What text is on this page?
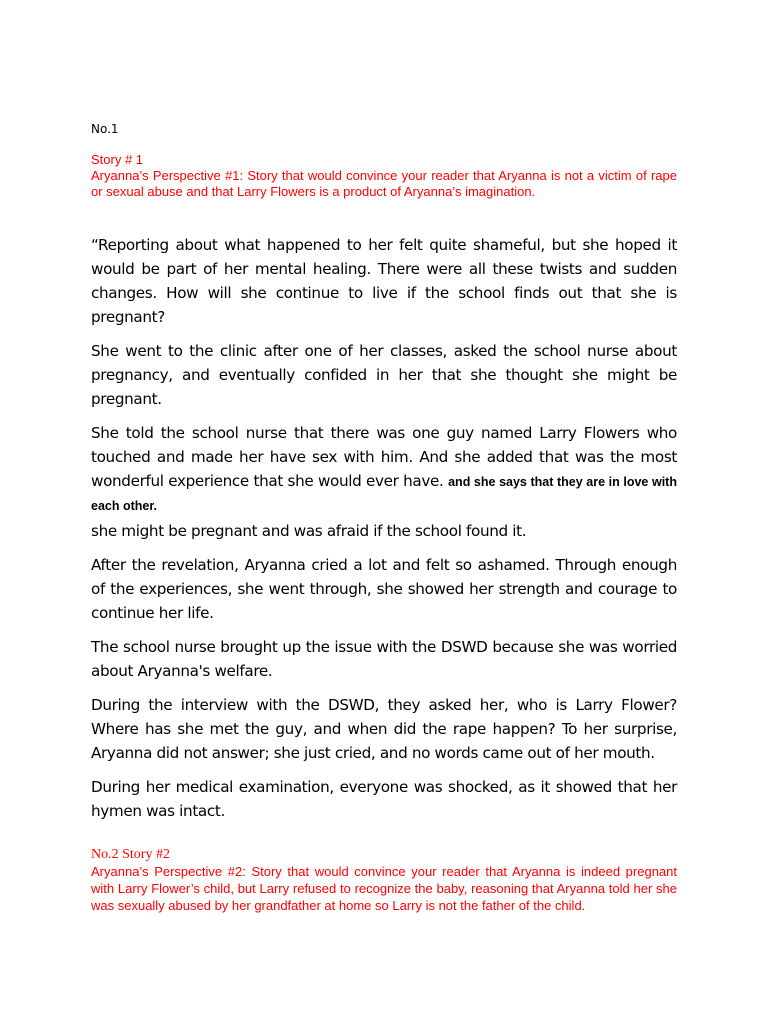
No.1
Story # 1
Aryanna’s Perspective #1: Story that would convince your reader that Aryanna is not a victim of rape or sexual abuse and that Larry Flowers is a product of Aryanna’s imagination.

“Reporting about what happened to her felt quite shameful, but she hoped it would be part of her mental healing. There were all these twists and sudden changes. How will she continue to live if the school finds out that she is pregnant?

She went to the clinic after one of her classes, asked the school nurse about pregnancy, and eventually confided in her that she thought she might be pregnant.

She told the school nurse that there was one guy named Larry Flowers who touched and made her have sex with him. And she added that was the most wonderful experience that she would ever have. and she says that they are in love with each other.

she might be pregnant and was afraid if the school found it.

After the revelation, Aryanna cried a lot and felt so ashamed. Through enough of the experiences, she went through, she showed her strength and courage to continue her life.

The school nurse brought up the issue with the DSWD because she was worried about Aryanna's welfare.

During the interview with the DSWD, they asked her, who is Larry Flower? Where has she met the guy, and when did the rape happen? To her surprise, Aryanna did not answer; she just cried, and no words came out of her mouth.

During her medical examination, everyone was shocked, as it showed that her hymen was intact.

No.2 Story #2
Aryanna’s Perspective #2: Story that would convince your reader that Aryanna is indeed pregnant with Larry Flower’s child, but Larry refused to recognize the baby, reasoning that Aryanna told her she was sexually abused by her grandfather at home so Larry is not the father of the child.
